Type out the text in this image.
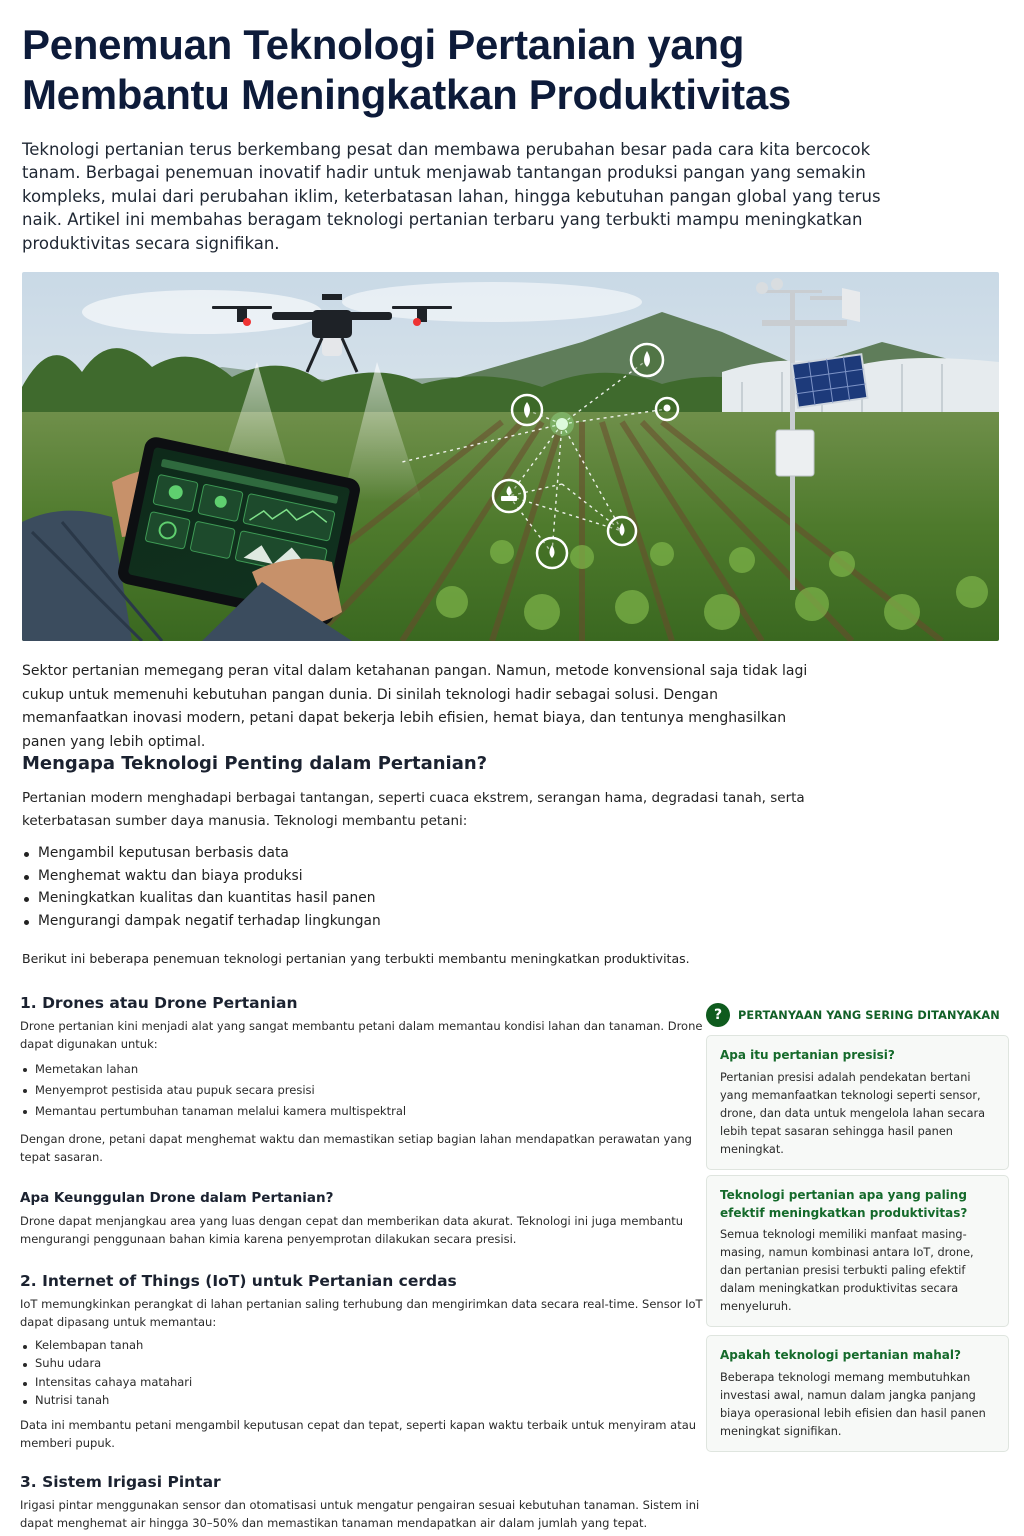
Penemuan Teknologi Pertanian yang Membantu Meningkatkan Produktivitas

Teknologi pertanian terus berkembang pesat dan membawa perubahan besar pada cara kita bercocok tanam. Berbagai penemuan inovatif hadir untuk menjawab tantangan produksi pangan yang semakin kompleks, mulai dari perubahan iklim, keterbatasan lahan, hingga kebutuhan pangan global yang terus naik. Artikel ini membahas beragam teknologi pertanian terbaru yang terbukti mampu meningkatkan produktivitas secara signifikan.

Sektor pertanian memegang peran vital dalam ketahanan pangan. Namun, metode konvensional saja tidak lagi cukup untuk memenuhi kebutuhan pangan dunia. Di sinilah teknologi hadir sebagai solusi. Dengan memanfaatkan inovasi modern, petani dapat bekerja lebih efisien, hemat biaya, dan tentunya menghasilkan panen yang lebih optimal.

Mengapa Teknologi Penting dalam Pertanian?

Pertanian modern menghadapi berbagai tantangan, seperti cuaca ekstrem, serangan hama, degradasi tanah, serta keterbatasan sumber daya manusia. Teknologi membantu petani:

Mengambil keputusan berbasis data
Menghemat waktu dan biaya produksi
Meningkatkan kualitas dan kuantitas hasil panen
Mengurangi dampak negatif terhadap lingkungan

Berikut ini beberapa penemuan teknologi pertanian yang terbukti membantu meningkatkan produktivitas.

1. Drones atau Drone Pertanian

Drone pertanian kini menjadi alat yang sangat membantu petani dalam memantau kondisi lahan dan tanaman. Drone dapat digunakan untuk:

Memetakan lahan
Menyemprot pestisida atau pupuk secara presisi
Memantau pertumbuhan tanaman melalui kamera multispektral

Dengan drone, petani dapat menghemat waktu dan memastikan setiap bagian lahan mendapatkan perawatan yang tepat sasaran.

Apa Keunggulan Drone dalam Pertanian?

Drone dapat menjangkau area yang luas dengan cepat dan memberikan data akurat. Teknologi ini juga membantu mengurangi penggunaan bahan kimia karena penyemprotan dilakukan secara presisi.

2. Internet of Things (IoT) untuk Pertanian cerdas

IoT memungkinkan perangkat di lahan pertanian saling terhubung dan mengirimkan data secara real-time. Sensor IoT dapat dipasang untuk memantau:

Kelembapan tanah
Suhu udara
Intensitas cahaya matahari
Nutrisi tanah

Data ini membantu petani mengambil keputusan cepat dan tepat, seperti kapan waktu terbaik untuk menyiram atau memberi pupuk.

3. Sistem Irigasi Pintar

Irigasi pintar menggunakan sensor dan otomatisasi untuk mengatur pengairan sesuai kebutuhan tanaman. Sistem ini dapat menghemat air hingga 30–50% dan memastikan tanaman mendapatkan air dalam jumlah yang tepat.

?	PERTANYAAN YANG SERING DITANYAKAN
Apa itu pertanian presisi?
Pertanian presisi adalah pendekatan bertani yang memanfaatkan teknologi seperti sensor, drone, dan data untuk mengelola lahan secara lebih tepat sasaran sehingga hasil panen meningkat.
Teknologi pertanian apa yang paling efektif meningkatkan produktivitas?
Semua teknologi memiliki manfaat masing-masing, namun kombinasi antara IoT, drone, dan pertanian presisi terbukti paling efektif dalam meningkatkan produktivitas secara menyeluruh.
Apakah teknologi pertanian mahal?
Beberapa teknologi memang membutuhkan investasi awal, namun dalam jangka panjang biaya operasional lebih efisien dan hasil panen meningkat signifikan.
